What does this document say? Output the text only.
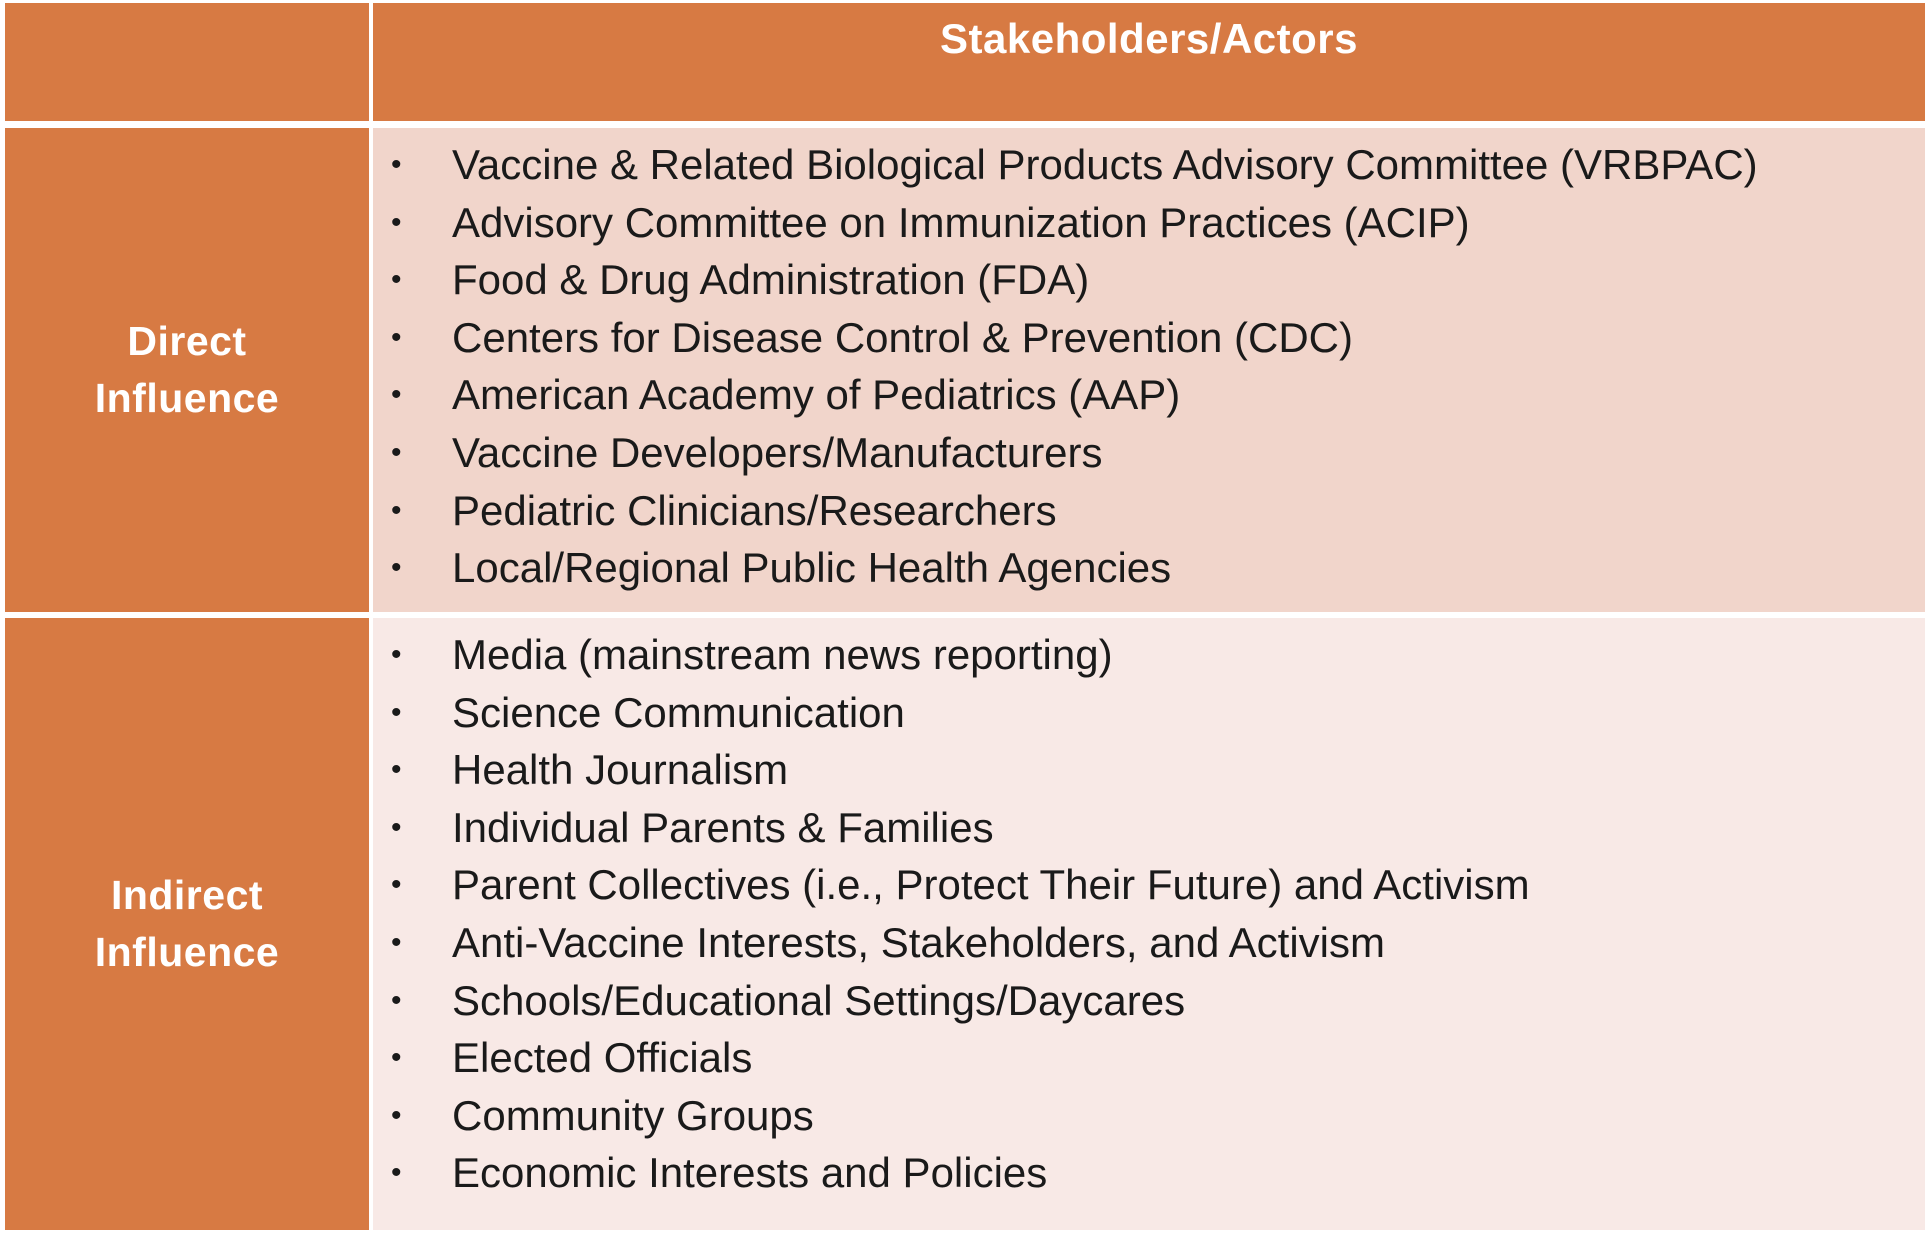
Stakeholders/Actors
Direct
Influence
• Vaccine & Related Biological Products Advisory Committee (VRBPAC)
• Advisory Committee on Immunization Practices (ACIP)
• Food & Drug Administration (FDA)
• Centers for Disease Control & Prevention (CDC)
• American Academy of Pediatrics (AAP)
• Vaccine Developers/Manufacturers
• Pediatric Clinicians/Researchers
• Local/Regional Public Health Agencies
Indirect
Influence
• Media (mainstream news reporting)
• Science Communication
• Health Journalism
• Individual Parents & Families
• Parent Collectives (i.e., Protect Their Future) and Activism
• Anti-Vaccine Interests, Stakeholders, and Activism
• Schools/Educational Settings/Daycares
• Elected Officials
• Community Groups
• Economic Interests and Policies
